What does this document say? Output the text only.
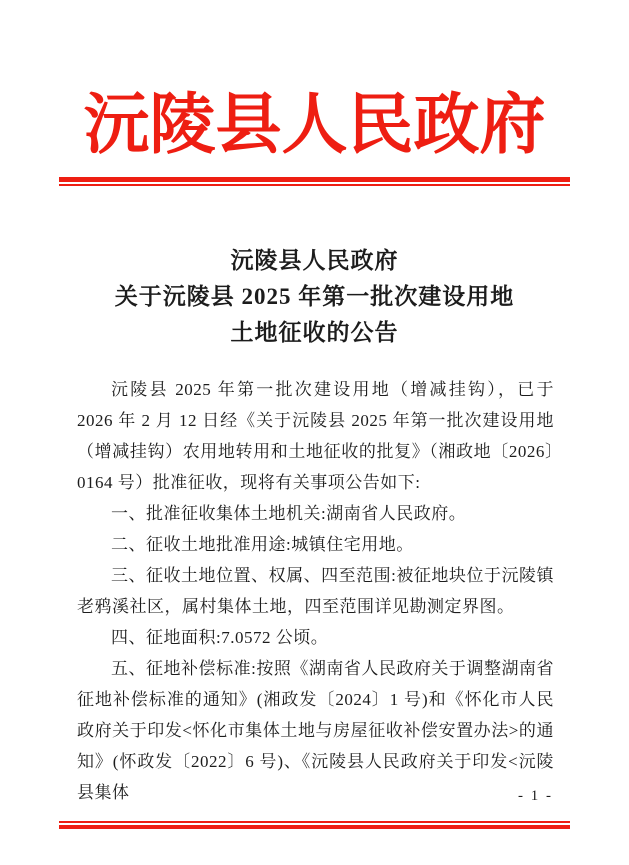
沅陵县人民政府
沅陵县人民政府
关于沅陵县 2025 年第一批次建设用地
土地征收的公告

沅陵县 2025 年第一批次建设用地（增减挂钩），已于 2026 年 2 月 12 日经《关于沅陵县 2025 年第一批次建设用地（增减挂钩）农用地转用和土地征收的批复》（湘政地〔2026〕0164 号）批准征收，现将有关事项公告如下:

一、批准征收集体土地机关:湖南省人民政府。

二、征收土地批准用途:城镇住宅用地。

三、征收土地位置、权属、四至范围:被征地块位于沅陵镇老鸦溪社区，属村集体土地，四至范围详见勘测定界图。

四、征地面积:7.0572 公顷。

五、征地补偿标准:按照《湖南省人民政府关于调整湖南省征地补偿标准的通知》(湘政发〔2024〕1 号)和《怀化市人民政府关于印发<怀化市集体土地与房屋征收补偿安置办法>的通知》(怀政发〔2022〕6 号)、《沅陵县人民政府关于印发<沅陵县集体	- 1 -
